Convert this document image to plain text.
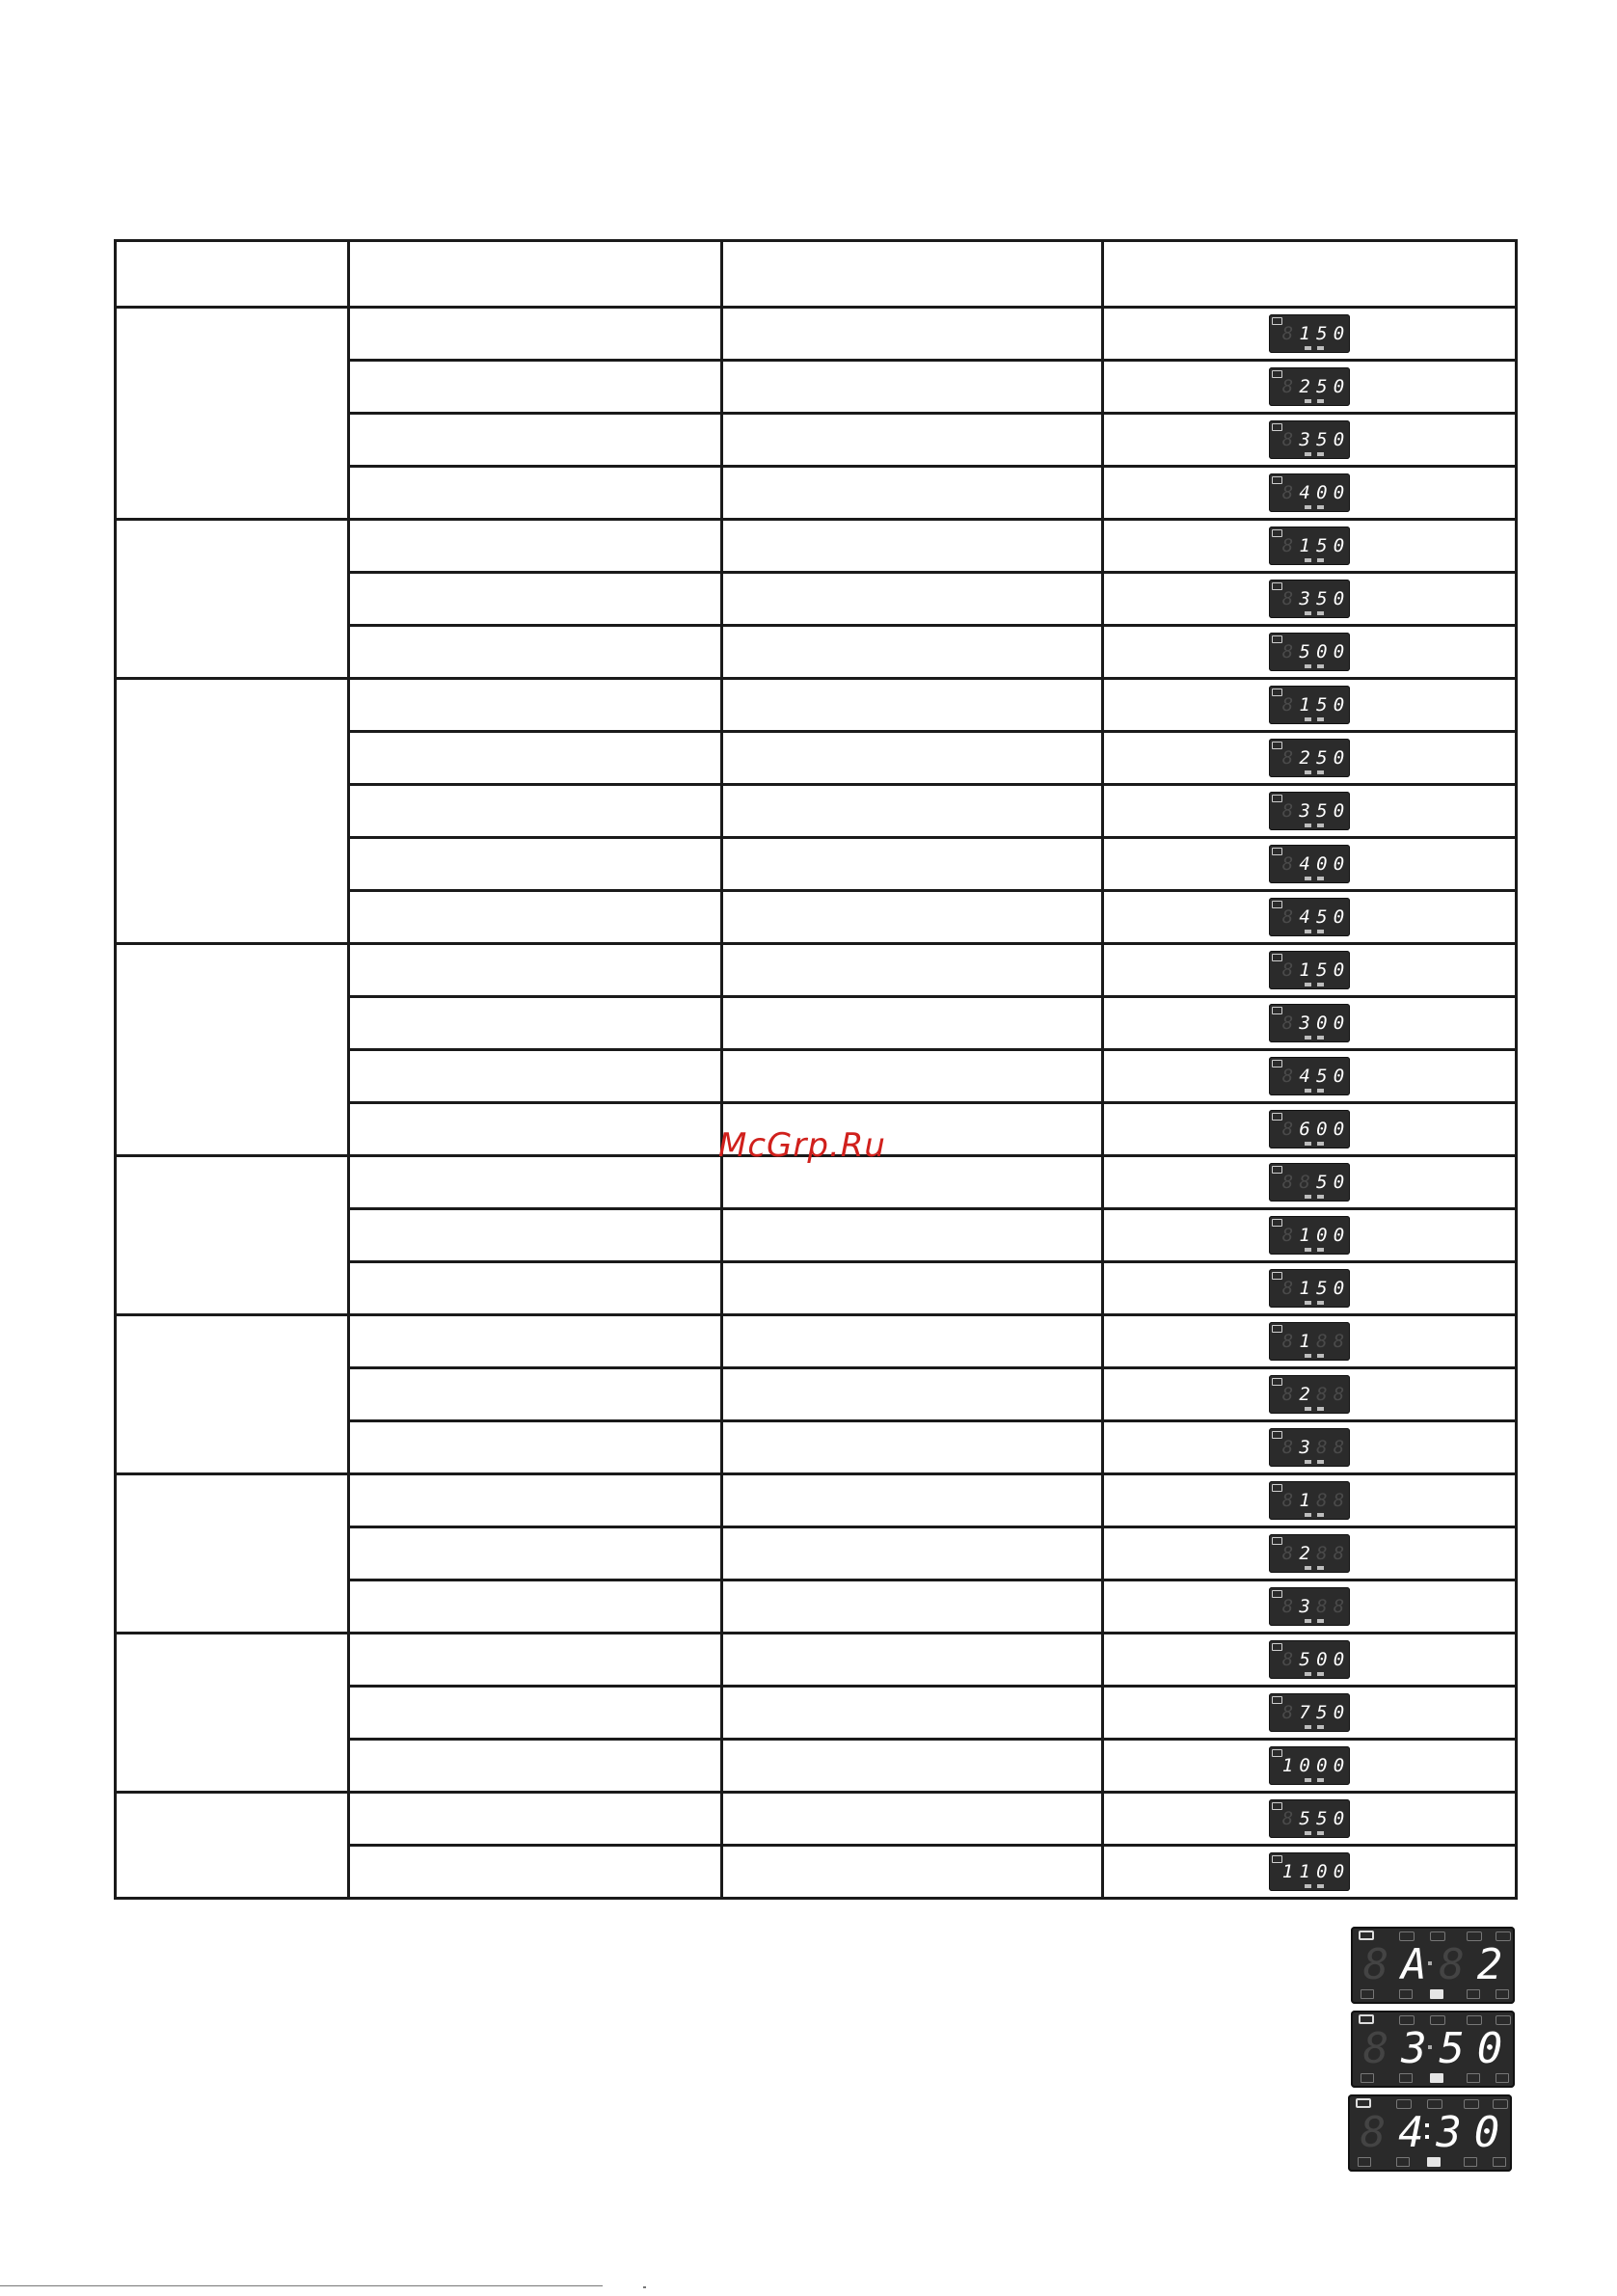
			8 1 5 0

			8 2 5 0

			8 3 5 0

			8 4 0 0

			8 1 5 0

			8 3 5 0

			8 5 0 0

			8 1 5 0

			8 2 5 0

			8 3 5 0

			8 4 0 0

			8 4 5 0

			8 1 5 0

			8 3 0 0

			8 4 5 0

			8 6 0 0

			8 8 5 0

			8 1 0 0

			8 1 5 0

			8 1 8 8

			8 2 8 8

			8 3 8 8

			8 1 8 8

			8 2 8 8

			8 3 8 8

			8 5 0 0

			8 7 5 0

			1 0 0 0

			8 5 5 0

			1 1 0 0
8 A 8 2
8 3 5 0
8 4 3 0
McGrp.Ru
